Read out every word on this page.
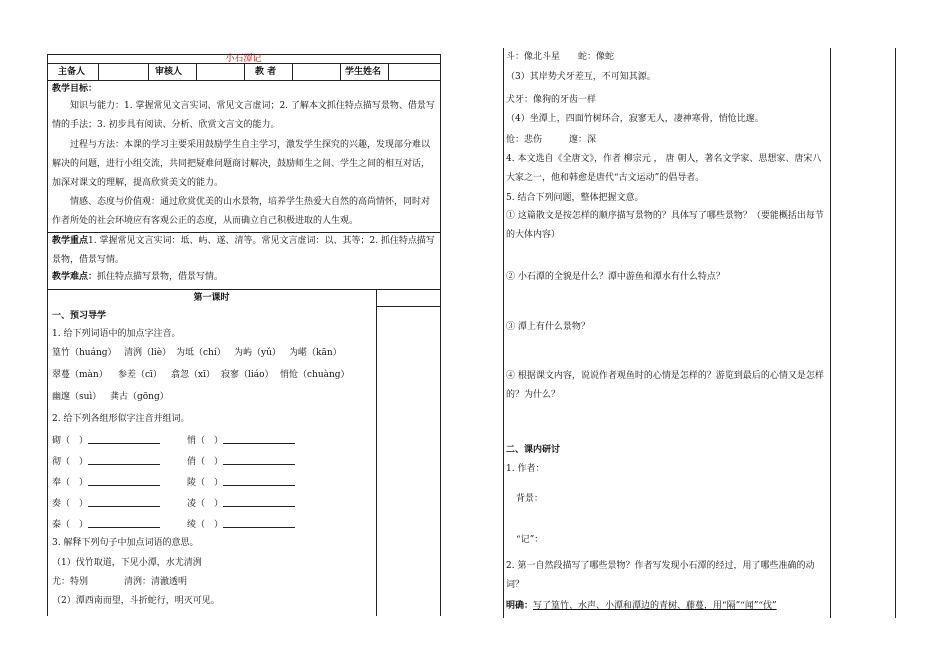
小石潭记
主备人	审核人	教 者	学生姓名
教学目标：
知识与能力：1. 掌握常见文言实词、常见文言虚词；2. 了解本文抓住特点描写景物、借景写情的手法；3. 初步具有阅读、分析、欣赏文言文的能力。
过程与方法：本课的学习主要采用鼓励学生自主学习，激发学生探究的兴趣，发现部分难以解决的问题，进行小组交流，共同把疑难问题商讨解决，鼓励师生之间、学生之间的相互对话，加深对课文的理解，提高欣赏美文的能力。
情感、态度与价值观：通过欣赏优美的山水景物，培养学生热爱大自然的高尚情怀，同时对作者所处的社会环境应有客观公正的态度，从而确立自己积极进取的人生观。
教学重点1. 掌握常见文言实词：坻、屿、遂、清等。常见文言虚词：以、其等；2. 抓住特点描写景物，借景写情。
教学难点：抓住特点描写景物，借景写情。
第一课时
一、预习导学
1. 给下列词语中的加点字注音。
篁竹（huáng） 清洌（liè） 为坻（chí） 为屿（yǔ） 为嵁（kān）
翠蔓（màn） 参差（cī） 翕忽（xī） 寂寥（liáo） 悄怆（chuàng）
幽邃（suì） 龚古（gōng）
2. 给下列各组形似字注音并组词。
砌（　）	悄（　）
彻（　）	俏（　）
奉（　）	陵（　）
奏（　）	凌（　）
泰（　）	绫（　）
3. 解释下列句子中加点词语的意思。
（1）伐竹取道，下见小潭，水尤清洌
尤：特别	清洌：清澈透明
（2）潭西南而望，斗折蛇行，明灭可见。
斗：像北斗星　　蛇：像蛇
（3）其岸势犬牙差互，不可知其源。
犬牙：像狗的牙齿一样
（4）坐潭上，四面竹树环合，寂寥无人，凄神寒骨，悄怆比邃。
怆：悲伤　　　邃：深
4. 本文选自《全唐文》，作者 柳宗元 ， 唐 朝人，著名文学家、思想家、唐宋八大家之一，他和韩愈是唐代“古文运动”的倡导者。
5. 结合下列问题，整体把握文意。
① 这篇散文是按怎样的顺序描写景物的？具体写了哪些景物？（要能概括出每节的大体内容）
② 小石潭的全貌是什么？潭中游鱼和潭水有什么特点？
③ 潭上有什么景物？
④ 根据课文内容，说说作者观鱼时的心情是怎样的？游览到最后的心情又是怎样的？为什么？
二、课内研讨
1. 作者：
背景：
“记”：
2. 第一自然段描写了哪些景物？作者写发现小石潭的经过，用了哪些准确的动词？
明确：写了篁竹、水声、小潭和潭边的青树、藤蔓，用“隔”“闻”“伐”
